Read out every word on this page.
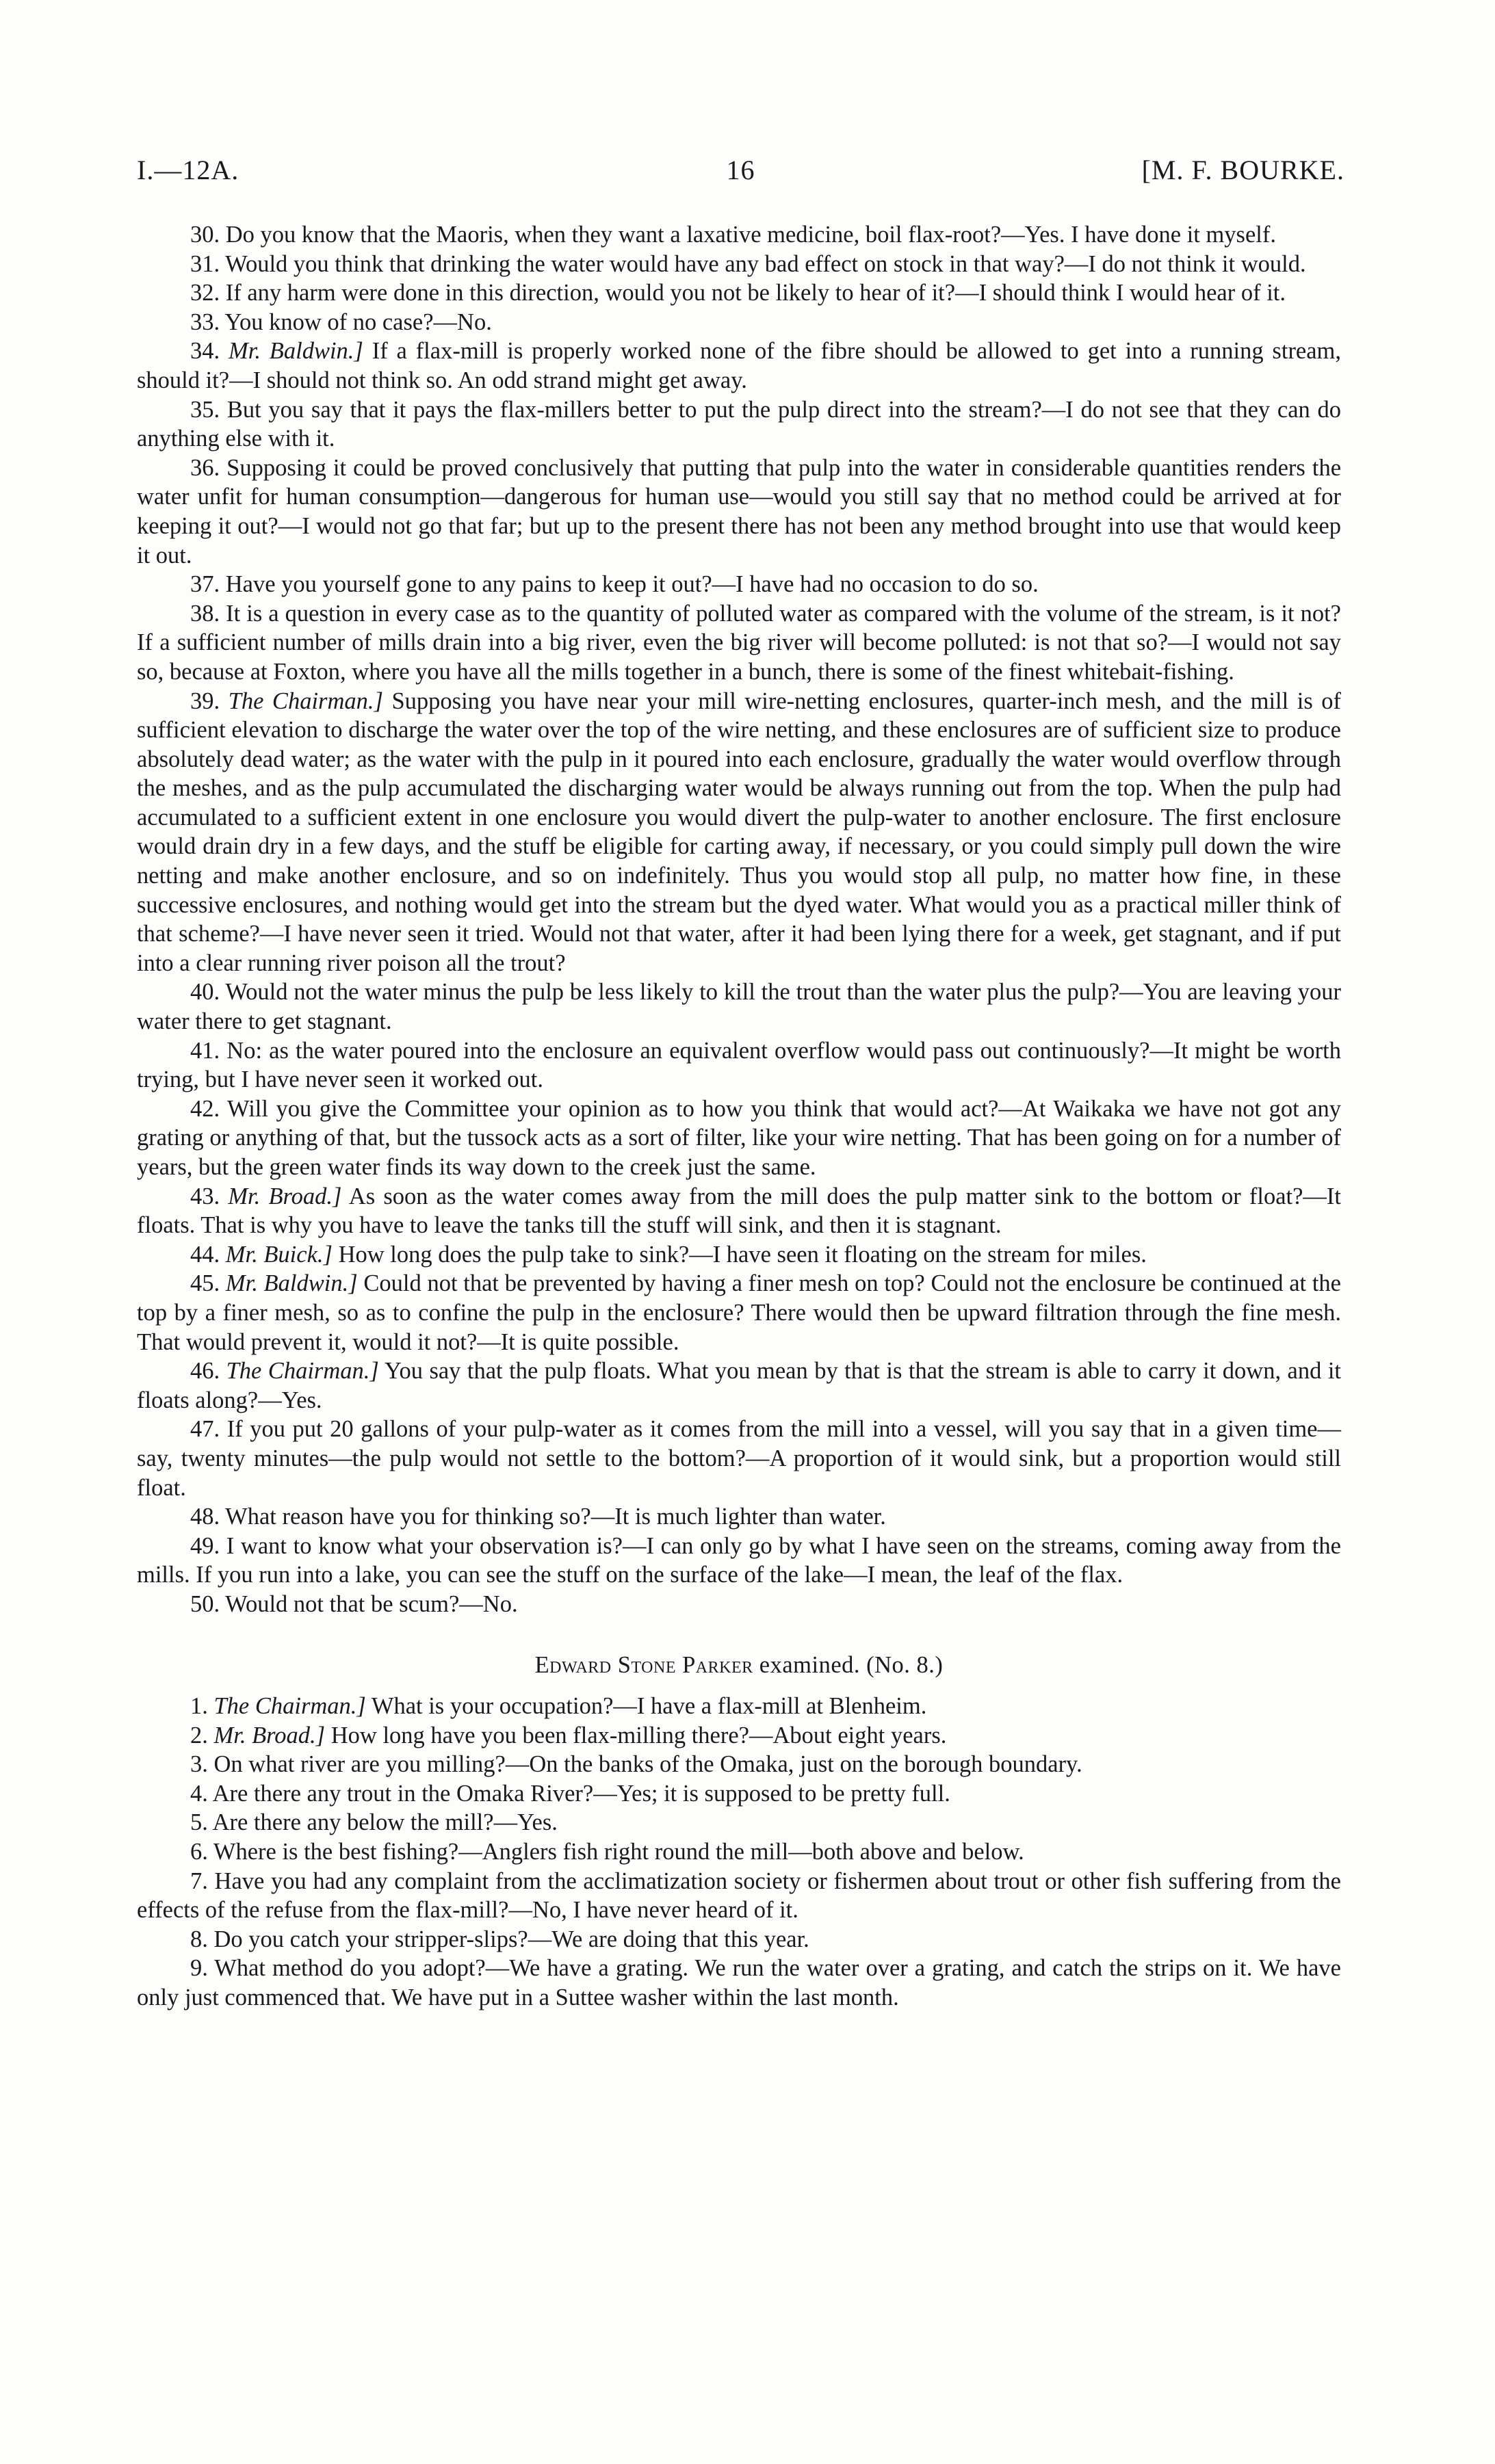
I.—12A.	16	[M. F. BOURKE.

30. Do you know that the Maoris, when they want a laxative medicine, boil flax-root?—Yes. I have done it myself.

31. Would you think that drinking the water would have any bad effect on stock in that way?—I do not think it would.

32. If any harm were done in this direction, would you not be likely to hear of it?—I should think I would hear of it.

33. You know of no case?—No.

34. Mr. Baldwin.] If a flax-mill is properly worked none of the fibre should be allowed to get into a running stream, should it?—I should not think so. An odd strand might get away.

35. But you say that it pays the flax-millers better to put the pulp direct into the stream?—I do not see that they can do anything else with it.

36. Supposing it could be proved conclusively that putting that pulp into the water in considerable quantities renders the water unfit for human consumption—dangerous for human use—would you still say that no method could be arrived at for keeping it out?—I would not go that far; but up to the present there has not been any method brought into use that would keep it out.

37. Have you yourself gone to any pains to keep it out?—I have had no occasion to do so.

38. It is a question in every case as to the quantity of polluted water as compared with the volume of the stream, is it not? If a sufficient number of mills drain into a big river, even the big river will become polluted: is not that so?—I would not say so, because at Foxton, where you have all the mills together in a bunch, there is some of the finest whitebait-fishing.

39. The Chairman.] Supposing you have near your mill wire-netting enclosures, quarter-inch mesh, and the mill is of sufficient elevation to discharge the water over the top of the wire netting, and these enclosures are of sufficient size to produce absolutely dead water; as the water with the pulp in it poured into each enclosure, gradually the water would overflow through the meshes, and as the pulp accumulated the discharging water would be always running out from the top. When the pulp had accumulated to a sufficient extent in one enclosure you would divert the pulp-water to another enclosure. The first enclosure would drain dry in a few days, and the stuff be eligible for carting away, if necessary, or you could simply pull down the wire netting and make another enclosure, and so on indefinitely. Thus you would stop all pulp, no matter how fine, in these successive enclosures, and nothing would get into the stream but the dyed water. What would you as a practical miller think of that scheme?—I have never seen it tried. Would not that water, after it had been lying there for a week, get stagnant, and if put into a clear running river poison all the trout?

40. Would not the water minus the pulp be less likely to kill the trout than the water plus the pulp?—You are leaving your water there to get stagnant.

41. No: as the water poured into the enclosure an equivalent overflow would pass out continuously?—It might be worth trying, but I have never seen it worked out.

42. Will you give the Committee your opinion as to how you think that would act?—At Waikaka we have not got any grating or anything of that, but the tussock acts as a sort of filter, like your wire netting. That has been going on for a number of years, but the green water finds its way down to the creek just the same.

43. Mr. Broad.] As soon as the water comes away from the mill does the pulp matter sink to the bottom or float?—It floats. That is why you have to leave the tanks till the stuff will sink, and then it is stagnant.

44. Mr. Buick.] How long does the pulp take to sink?—I have seen it floating on the stream for miles.

45. Mr. Baldwin.] Could not that be prevented by having a finer mesh on top? Could not the enclosure be continued at the top by a finer mesh, so as to confine the pulp in the enclosure? There would then be upward filtration through the fine mesh. That would prevent it, would it not?—It is quite possible.

46. The Chairman.] You say that the pulp floats. What you mean by that is that the stream is able to carry it down, and it floats along?—Yes.

47. If you put 20 gallons of your pulp-water as it comes from the mill into a vessel, will you say that in a given time—say, twenty minutes—the pulp would not settle to the bottom?—A proportion of it would sink, but a proportion would still float.

48. What reason have you for thinking so?—It is much lighter than water.

49. I want to know what your observation is?—I can only go by what I have seen on the streams, coming away from the mills. If you run into a lake, you can see the stuff on the surface of the lake—I mean, the leaf of the flax.

50. Would not that be scum?—No.

Edward Stone Parker examined. (No. 8.)

1. The Chairman.] What is your occupation?—I have a flax-mill at Blenheim.

2. Mr. Broad.] How long have you been flax-milling there?—About eight years.

3. On what river are you milling?—On the banks of the Omaka, just on the borough boundary.

4. Are there any trout in the Omaka River?—Yes; it is supposed to be pretty full.

5. Are there any below the mill?—Yes.

6. Where is the best fishing?—Anglers fish right round the mill—both above and below.

7. Have you had any complaint from the acclimatization society or fishermen about trout or other fish suffering from the effects of the refuse from the flax-mill?—No, I have never heard of it.

8. Do you catch your stripper-slips?—We are doing that this year.

9. What method do you adopt?—We have a grating. We run the water over a grating, and catch the strips on it. We have only just commenced that. We have put in a Suttee washer within the last month.
